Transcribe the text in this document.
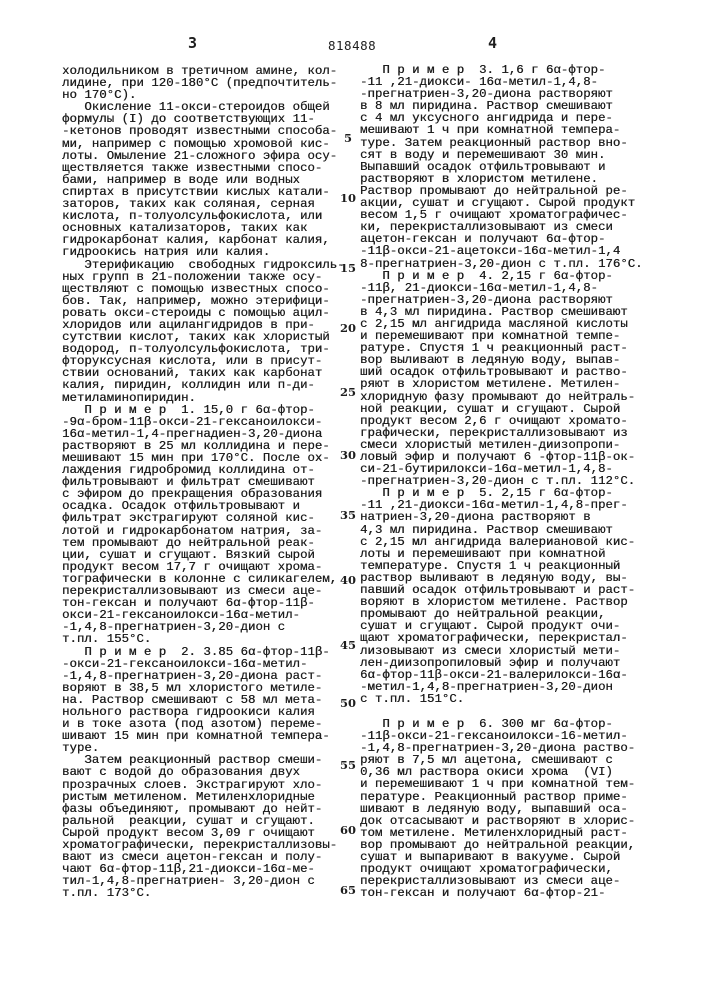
3	818488	4
холодильником в третичном амине, кол-
лидине, при 120-180°С (предпочтитель-
но 170°С).
Окисление 11-окси-стероидов общей
формулы (I) до соответствующих 11-
-кетонов проводят известными способа-
ми, например с помощью хромовой кис-
лоты. Омыление 21-сложного эфира осу-
ществляется также известными спосо-
бами, например в воде или водных
спиртах в присутствии кислых катали-
заторов, таких как соляная, серная
кислота, п-толуолсульфокислота, или
основных катализаторов, таких как
гидрокарбонат калия, карбонат калия,
гидроокись натрия или калия.
Этерификацию  свободных гидроксиль-
ных групп в 21-положении также осу-
ществляют с помощью известных спосо-
бов. Так, например, можно этерифици-
ровать окси-стероиды с помощью ацил-
хлоридов или ацилангидридов в при-
сутствии кислот, таких как хлористый
водород, п-толуолсульфокислота, три-
фторуксусная кислота, или в присут-
ствии оснований, таких как карбонат
калия, пиридин, коллидин или п-ди-
метиламинопиридин.
П р и м е р  1. 15,0 г 6α-фтор-
-9α-бром-11β-окси-21-гексаноилокси-
16α-метил-1,4-прегнадиен-3,20-диона
растворяют в 25 мл коллидина и пере-
мешивают 15 мин при 170°С. После ох-
лаждения гидробромид коллидина от-
фильтровывают и фильтрат смешивают
с эфиром до прекращения образования
осадка. Осадок отфильтровывают и
фильтрат экстрагируют соляной кис-
лотой и гидрокарбонатом натрия, за-
тем промывают до нейтральной реак-
ции, сушат и сгущают. Вязкий сырой
продукт весом 17,7 г очищают хрома-
тографически в колонне с силикагелем,
перекристаллизовывают из смеси аце-
тон-гексан и получают 6α-фтор-11β-
окси-21-гексаноилокси-16α-метил-
-1,4,8-прегнатриен-3,20-дион с
т.пл. 155°С.
П р и м е р  2. 3.85 6α-фтор-11β-
-окси-21-гексаноилокси-16α-метил-
-1,4,8-прегнатриен-3,20-диона раст-
воряют в 38,5 мл хлористого метиле-
на. Раствор смешивают с 58 мл мета-
нольного раствора гидроокиси калия
и в токе азота (под азотом) переме-
шивают 15 мин при комнатной темпера-
туре.
Затем реакционный раствор смеши-
вают с водой до образования двух
прозрачных слоев. Экстрагируют хло-
ристым метиленом. Метиленхлоридные
фазы объединяют, промывают до нейт-
ральной  реакции, сушат и сгущают.
Сырой продукт весом 3,09 г очищают
хроматографически, перекристаллизовы-
вают из смеси ацетон-гексан и полу-
чают 6α-фтор-11β,21-диокси-16α-ме-
тил-1,4,8-прегнатриен- 3,20-дион с
т.пл. 173°С.
П р и м е р  3. 1,6 г 6α-фтор-
-11 ,21-диокси- 16α-метил-1,4,8-
-прегнатриен-3,20-диона растворяют
в 8 мл пиридина. Раствор смешивают
с 4 мл уксусного ангидрида и пере-
мешивают 1 ч при комнатной темпера-
туре. Затем реакционный раствор вно-
сят в воду и перемешивают 30 мин.
Выпавший осадок отфильтровывают и
растворяют в хлористом метилене.
Раствор промывают до нейтральной ре-
акции, сушат и сгущают. Сырой продукт
весом 1,5 г очищают хроматографичес-
ки, перекристаллизовывают из смеси
ацетон-гексан и получают 6α-фтор-
-11β-окси-21-ацетокси-16α-метил-1,4
8-прегнатриен-3,20-дион с т.пл. 176°С.
П р и м е р  4. 2,15 г 6α-фтор-
-11β, 21-диокси-16α-метил-1,4,8-
-прегнатриен-3,20-диона растворяют
в 4,3 мл пиридина. Раствор смешивают
с 2,15 мл ангидрида масляной кислоты
и перемешивают при комнатной темпе-
ратуре. Спустя 1 ч реакционный раст-
вор выливают в ледяную воду, выпав-
ший осадок отфильтровывают и раство-
ряют в хлористом метилене. Метилен-
хлоридную фазу промывают до нейтраль-
ной реакции, сушат и сгущают. Сырой
продукт весом 2,6 г очищают хромато-
графически, перекристаллизовывают из
смеси хлористый метилен-диизопропи-
ловый эфир и получают 6 -фтор-11β-ок-
си-21-бутирилокси-16α-метил-1,4,8-
-прегнатриен-3,20-дион с т.пл. 112°С.
П р и м е р  5. 2,15 г 6α-фтор-
-11 ,21-диокси-16α-метил-1,4,8-прег-
натриен-3,20-диона растворяют в
4,3 мл пиридина. Раствор смешивают
с 2,15 мл ангидрида валериановой кис-
лоты и перемешивают при комнатной
температуре. Спустя 1 ч реакционный
раствор выливают в ледяную воду, вы-
павший осадок отфильтровывают и раст-
воряют в хлористом метилене. Раствор
промывают до нейтральной реакции,
сушат и сгущают. Сырой продукт очи-
щают хроматографически, перекристал-
лизовывают из смеси хлористый мети-
лен-диизопропиловый эфир и получают
6α-фтор-11β-окси-21-валерилокси-16α-
-метил-1,4,8-прегнатриен-3,20-дион
с т.пл. 151°С.
П р и м е р  6. 300 мг 6α-фтор-
-11β-окси-21-гексаноилокси-16-метил-
-1,4,8-прегнатриен-3,20-диона раство-
ряют в 7,5 мл ацетона, смешивают с
0,36 мл раствора окиси хрома  (VI)
и перемешивают 1 ч при комнатной тем-
пературе. Реакционный раствор приме-
шивают в ледяную воду, выпавший оса-
док отсасывают и растворяют в хлорис-
том метилене. Метиленхлоридный раст-
вор промывают до нейтральной реакции,
сушат и выпаривают в вакууме. Сырой
продукт очищают хроматографически,
перекристаллизовывают из смеси аце-
тон-гексан и получают 6α-фтор-21-
5
10
15
20
25
30
35
40
45
50
55
60
65
